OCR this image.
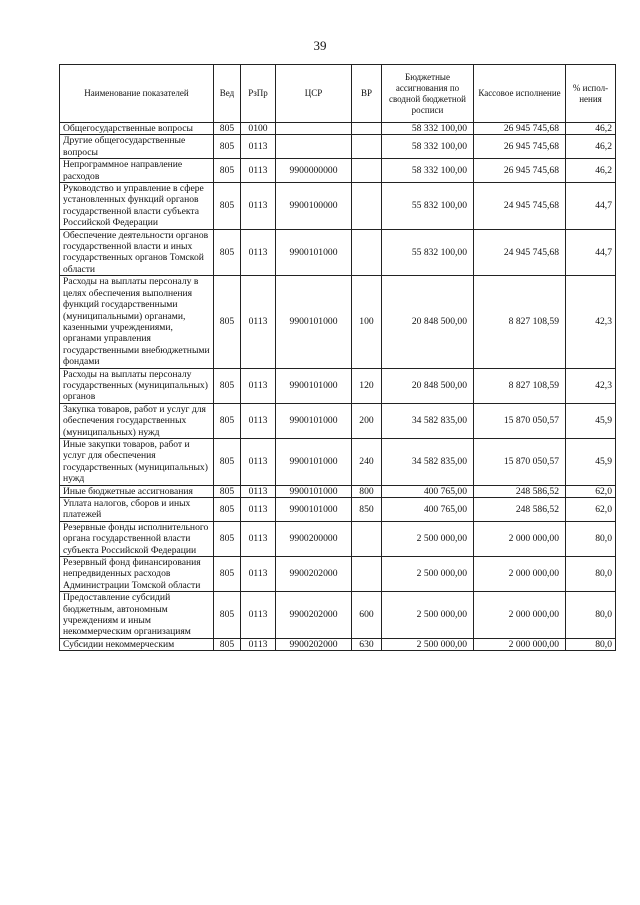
39
Наименование показателей	Вед	РзПр	ЦСР	ВР	Бюджетные ассигнования по сводной бюджетной росписи	Кассовое исполнение	% испол-нения
Общегосударственные вопросы	805	0100			58 332 100,00	26 945 745,68	46,2
Другие общегосударственные вопросы	805	0113			58 332 100,00	26 945 745,68	46,2
Непрограммное направление расходов	805	0113	9900000000		58 332 100,00	26 945 745,68	46,2
Руководство и управление в сфере установленных функций органов государственной власти субъекта Российской Федерации	805	0113	9900100000		55 832 100,00	24 945 745,68	44,7
Обеспечение деятельности органов государственной власти и иных государственных органов Томской области	805	0113	9900101000		55 832 100,00	24 945 745,68	44,7
Расходы на выплаты персоналу в целях обеспечения выполнения функций государственными (муниципальными) органами, казенными учреждениями, органами управления государственными внебюджетными фондами	805	0113	9900101000	100	20 848 500,00	8 827 108,59	42,3
Расходы на выплаты персоналу государственных (муниципальных) органов	805	0113	9900101000	120	20 848 500,00	8 827 108,59	42,3
Закупка товаров, работ и услуг для обеспечения государственных (муниципальных) нужд	805	0113	9900101000	200	34 582 835,00	15 870 050,57	45,9
Иные закупки товаров, работ и услуг для обеспечения государственных (муниципальных) нужд	805	0113	9900101000	240	34 582 835,00	15 870 050,57	45,9
Иные бюджетные ассигнования	805	0113	9900101000	800	400 765,00	248 586,52	62,0
Уплата налогов, сборов и иных платежей	805	0113	9900101000	850	400 765,00	248 586,52	62,0
Резервные фонды исполнительного органа государственной власти субъекта Российской Федерации	805	0113	9900200000		2 500 000,00	2 000 000,00	80,0
Резервный фонд финансирования непредвиденных расходов Администрации Томской области	805	0113	9900202000		2 500 000,00	2 000 000,00	80,0
Предоставление субсидий бюджетным, автономным учреждениям и иным некоммерческим организациям	805	0113	9900202000	600	2 500 000,00	2 000 000,00	80,0
Субсидии некоммерческим	805	0113	9900202000	630	2 500 000,00	2 000 000,00	80,0
